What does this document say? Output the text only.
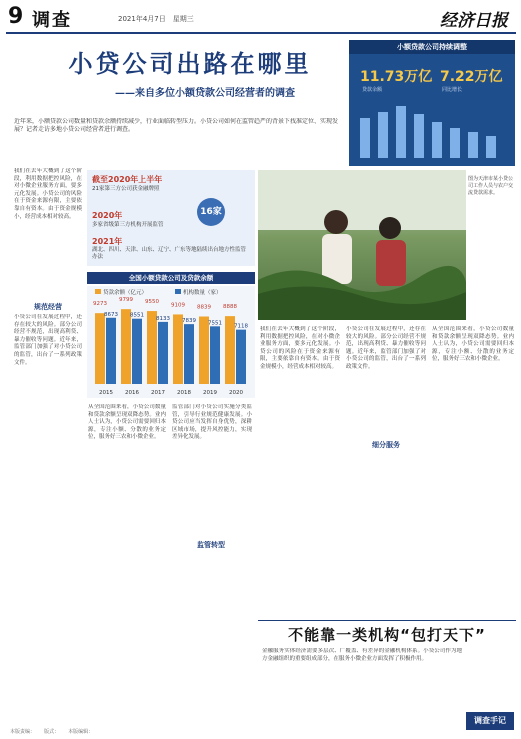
9 调查	2021年4月7日　星期三	经济日报
小贷公司出路在哪里
——来自多位小额贷款公司经营者的调查
近年来，小额贷款公司数量和贷款余额持续减少，行业面临转型压力。小贷公司如何在监管趋严的背景下找准定位、实现发展？记者走访多地小贷公司经营者进行调查。
小额贷款公司持续调整
11.73万亿
贷款余额
7.22万亿
同比增长
截至2020年上半年
21家第三方公司获金融牌照
16家
2020年
多家省级第三方机构开展监管
2021年
湖北、四川、天津、山东、辽宁、广东等地陆续出台地方性监管办法
图为天津市某小贷公司工作人员与农户交流贷款需求。
全国小额贷款公司及贷款余额
9273
8673
2015
9799
8551
2016
9550
8133
2017
9109
7839
2018
8839
7551
2019
8888
7118
2020
贷款余额（亿元）	机构数量（家）
我们在去年大概到了这个阶段，利用数据把控风险，在对小微企业服务方面，要多元化发展。小贷公司的风险在于资金来源有限，主要依靠自有资本。由于资金规模小，经营成本相对较高。
规范经营
小贷公司在发展过程中，还存在较大的风险。部分公司经营不规范，出现高利贷、暴力催收等问题。近年来，监管部门加强了对小贷公司的监管，出台了一系列政策文件。
从全国范围来看，小贷公司数量和贷款余额呈现双降态势。业内人士认为，小贷公司需要回归本源，专注小额、分散的业务定位，服务好三农和小微企业。
监管转型
监管部门对小贷公司实施分类监管，引导行业规范健康发展。小贷公司应当发挥自身优势，深耕区域市场，提升风控能力，实现差异化发展。
我们在去年大概到了这个阶段，利用数据把控风险，在对小微企业服务方面，要多元化发展。小贷公司的风险在于资金来源有限，主要依靠自有资本。由于资金规模小，经营成本相对较高。
细分服务
小贷公司在发展过程中，还存在较大的风险。部分公司经营不规范，出现高利贷、暴力催收等问题。近年来，监管部门加强了对小贷公司的监管，出台了一系列政策文件。
从全国范围来看，小贷公司数量和贷款余额呈现双降态势。业内人士认为，小贷公司需要回归本源，专注小额、分散的业务定位，服务好三农和小微企业。
不能靠一类机构“包打天下”
金融服务实体经济需要多层次、广覆盖、有差异的金融机构体系。小贷公司作为地方金融组织的重要组成部分，在服务小微企业方面发挥了积极作用。
调查手记
本版责编：　　 版式：　　 本版编辑：
